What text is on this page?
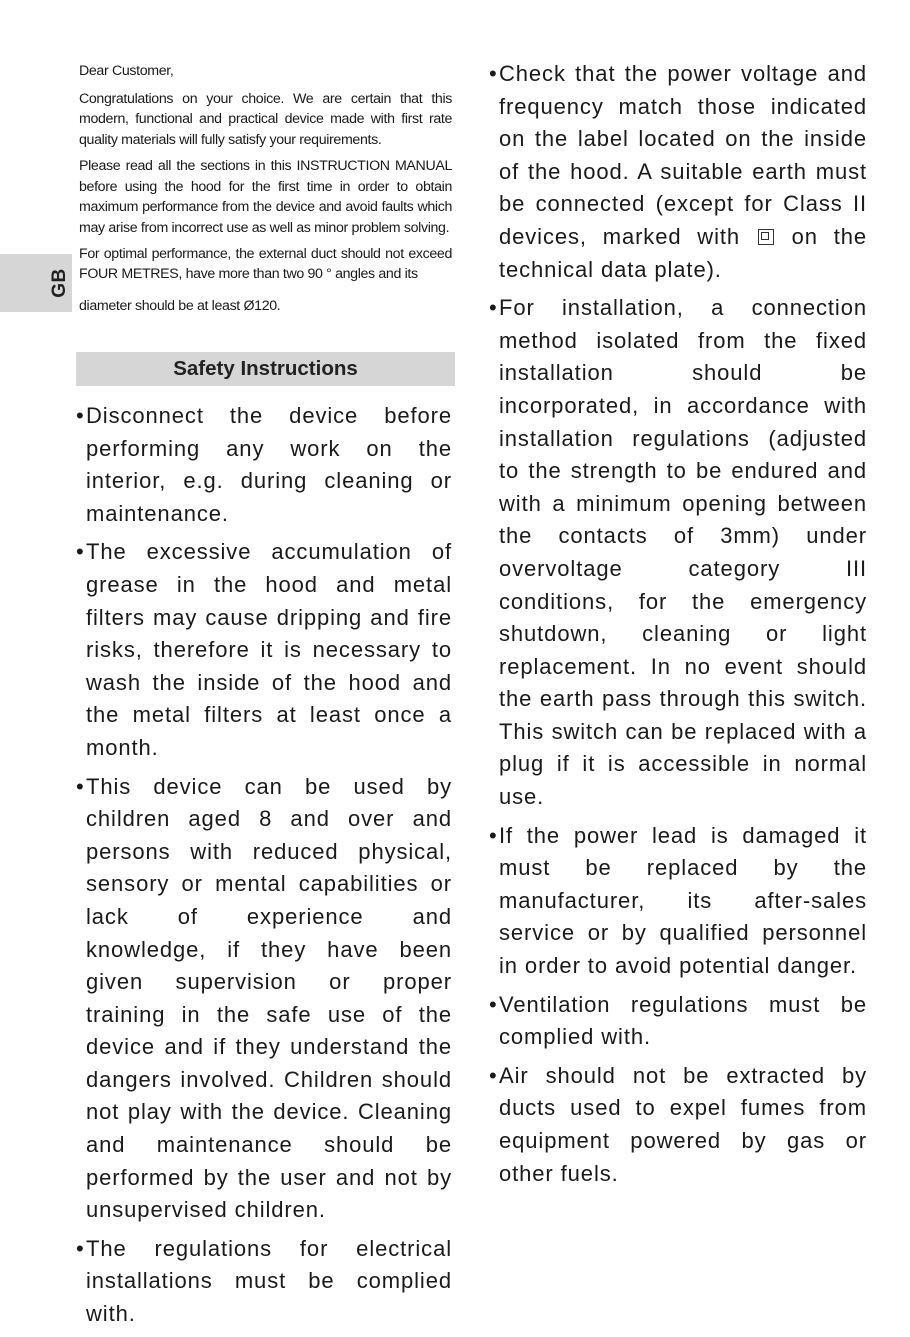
GB

Dear Customer,

Congratulations on your choice. We are certain that this modern, functional and practical device made with first rate quality materials will fully satisfy your requirements.

Please read all the sections in this INSTRUCTION MANUAL before using the hood for the first time in order to obtain maximum performance from the device and avoid faults which may arise from incorrect use as well as minor problem solving.

For optimal performance, the external duct should not exceed FOUR METRES, have more than two 90 ° angles and its
diameter should be at least Ø120.

Safety Instructions

• Disconnect the device before performing any work on the interior, e.g. during cleaning or maintenance.

• The excessive accumulation of grease in the hood and metal filters may cause dripping and fire risks, therefore it is necessary to wash the inside of the hood and the metal filters at least once a month.

• This device can be used by children aged 8 and over and persons with reduced physical, sensory or mental capabilities or lack of experience and knowledge, if they have been given supervision or proper training in the safe use of the device and if they understand the dangers involved. Children should not play with the device. Cleaning and maintenance should be performed by the user and not by unsupervised children.

• The regulations for electrical installations must be complied with.

• Check that the power voltage and frequency match those indicated on the label located on the inside of the hood. A suitable earth must be connected (except for Class II devices, marked with on the technical data plate).

• For installation, a connection method isolated from the fixed installation should be incorporated, in accordance with installation regulations (adjusted to the strength to be endured and with a minimum opening between the contacts of 3mm) under overvoltage category III conditions, for the emergency shutdown, cleaning or light replacement. In no event should the earth pass through this switch. This switch can be replaced with a plug if it is accessible in normal use.

• If the power lead is damaged it must be replaced by the manufacturer, its after-sales service or by qualified personnel in order to avoid potential danger.

• Ventilation regulations must be complied with.

• Air should not be extracted by ducts used to expel fumes from equipment powered by gas or other fuels.
